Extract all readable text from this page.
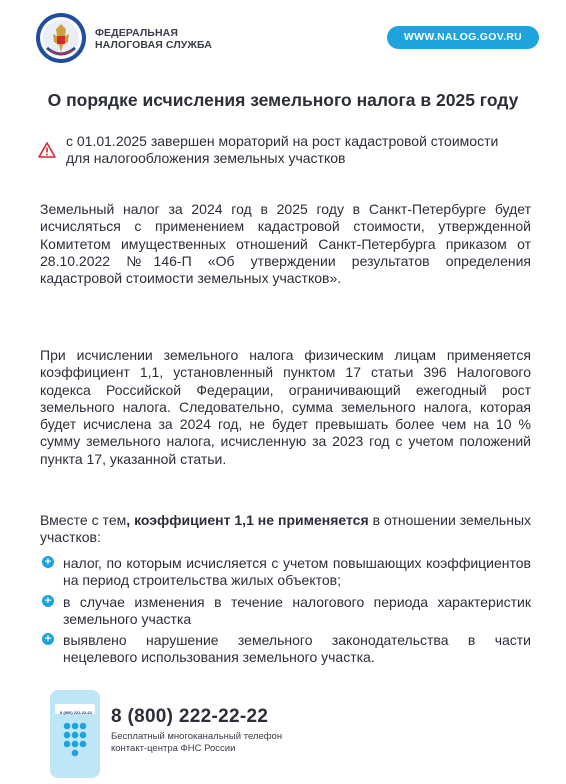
ФЕДЕРАЛЬНАЯ
НАЛОГОВАЯ СЛУЖБА
WWW.NALOG.GOV.RU
О порядке исчисления земельного налога в 2025 году
с 01.01.2025 завершен мораторий на рост кадастровой стоимости для налогообложения земельных участков
Земельный налог за 2024 год в 2025 году в Санкт-Петербурге будет исчисляться с применением кадастровой стоимости, утвержденной Комитетом имущественных отношений Санкт-Петербурга приказом от 28.10.2022 №146-П «Об утверждении результатов определения кадастровой стоимости земельных участков».
При исчислении земельного налога физическим лицам применяется коэффициент 1,1, установленный пунктом 17 статьи 396 Налогового кодекса Российской Федерации, ограничивающий ежегодный рост земельного налога. Следовательно, сумма земельного налога, которая будет исчислена за 2024 год, не будет превышать более чем на 10 % сумму земельного налога, исчисленную за 2023 год с учетом положений пункта 17, указанной статьи.
Вместе с тем, коэффициент 1,1 не применяется в отношении земельных участков:
+ налог, по которым исчисляется с учетом повышающих коэффициентов на период строительства жилых объектов;
+ в случае изменения в течение налогового периода характеристик земельного участка
+ выявлено нарушение земельного законодательства в части нецелевого использования земельного участка.
8 (800) 222-22-22 8 (800) 222-22-22
Бесплатный многоканальный телефон
контакт-центра ФНС России
